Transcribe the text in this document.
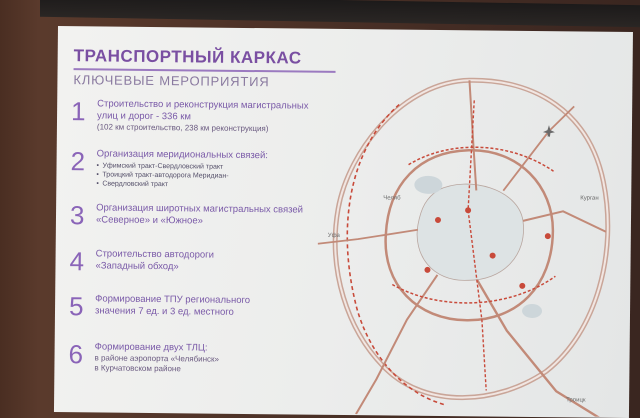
ТРАНСПОРТНЫЙ КАРКАС
КЛЮЧЕВЫЕ МЕРОПРИЯТИЯ
1	Строительство и реконструкция магистральных
улиц и дорог - 336 км
(102 км строительство, 238 км реконструкция)
2	Организация меридиональных связей:
• Уфимский тракт-Свердловский тракт
• Троицкий тракт-автодорога Меридиан-
• Свердловский тракт
3	Организация широтных магистральных связей
«Северное» и «Южное»
4	Строительство автодороги
«Западный обход»
5	Формирование ТПУ регионального
значения 7 ед. и 3 ед. местного
6	Формирование двух ТЛЦ:
в районе аэропорта «Челябинск»
в Курчатовском районе
Уфа
Курган
Троицк
Челяб
